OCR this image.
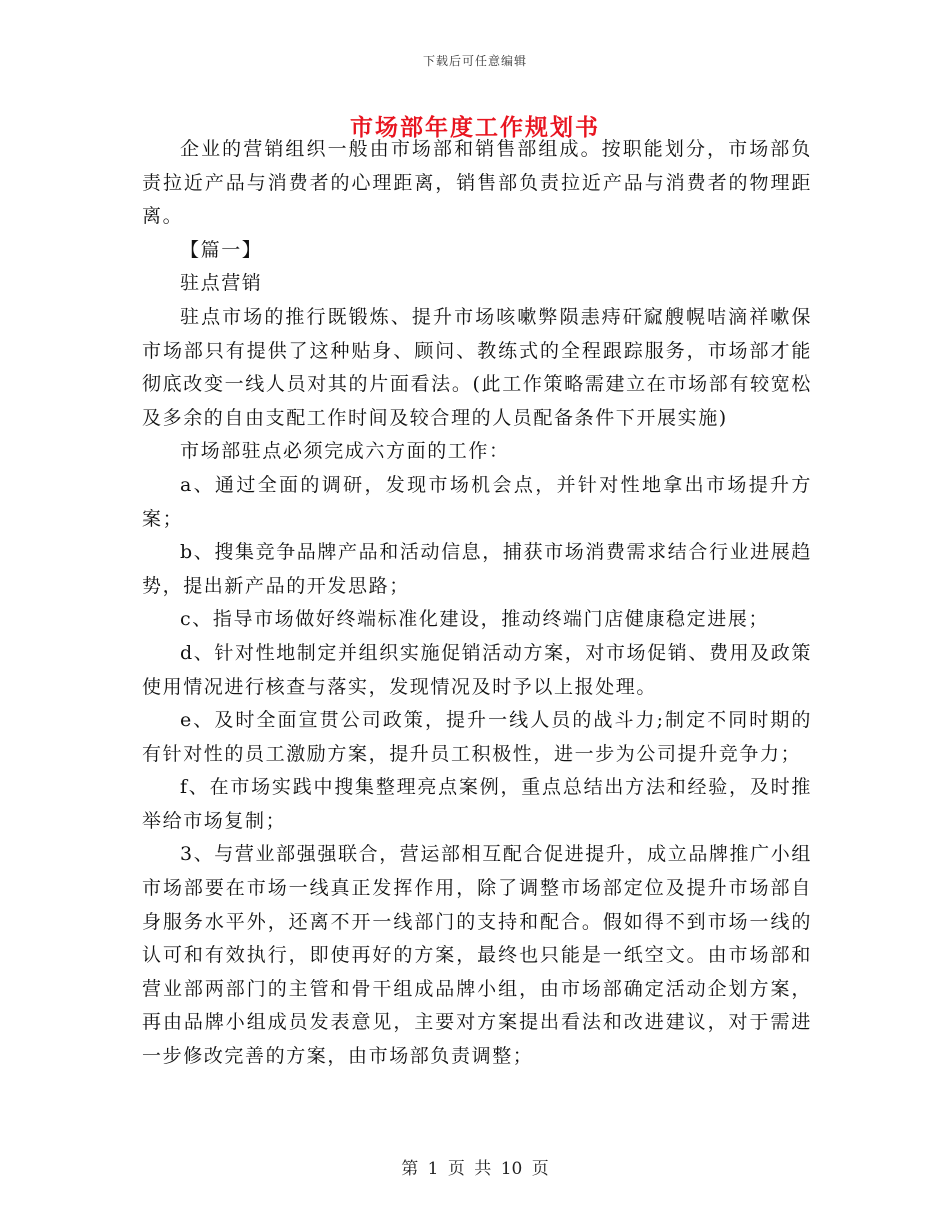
下载后可任意编辑
市场部年度工作规划书

企业的营销组织一般由市场部和销售部组成。按职能划分，市场部负责拉近产品与消费者的心理距离，销售部负责拉近产品与消费者的物理距离。

【篇一】

驻点营销

驻点市场的推行既锻炼、提升市场咳嗽弊陨恚痔矸窳艘幌咭滴祥嗽保市场部只有提供了这种贴身、顾问、教练式的全程跟踪服务，市场部才能彻底改变一线人员对其的片面看法。(此工作策略需建立在市场部有较宽松及多余的自由支配工作时间及较合理的人员配备条件下开展实施)

市场部驻点必须完成六方面的工作：

a、通过全面的调研，发现市场机会点，并针对性地拿出市场提升方案；

b、搜集竞争品牌产品和活动信息，捕获市场消费需求结合行业进展趋势，提出新产品的开发思路；

c、指导市场做好终端标准化建设，推动终端门店健康稳定进展；

d、针对性地制定并组织实施促销活动方案，对市场促销、费用及政策使用情况进行核查与落实，发现情况及时予以上报处理。

e、及时全面宣贯公司政策，提升一线人员的战斗力;制定不同时期的有针对性的员工激励方案，提升员工积极性，进一步为公司提升竞争力；

f、在市场实践中搜集整理亮点案例，重点总结出方法和经验，及时推举给市场复制；

3、与营业部强强联合，营运部相互配合促进提升，成立品牌推广小组市场部要在市场一线真正发挥作用，除了调整市场部定位及提升市场部自身服务水平外，还离不开一线部门的支持和配合。假如得不到市场一线的认可和有效执行，即使再好的方案，最终也只能是一纸空文。由市场部和营业部两部门的主管和骨干组成品牌小组，由市场部确定活动企划方案，再由品牌小组成员发表意见，主要对方案提出看法和改进建议，对于需进一步修改完善的方案，由市场部负责调整；

第 1 页 共 10 页
